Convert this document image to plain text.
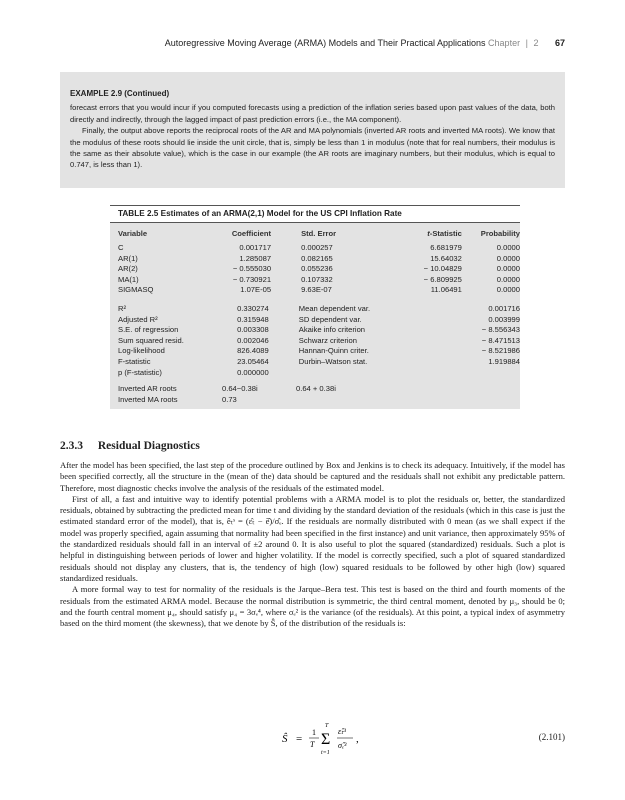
Autoregressive Moving Average (ARMA) Models and Their Practical Applications Chapter | 2 67
EXAMPLE 2.9 (Continued)

forecast errors that you would incur if you computed forecasts using a prediction of the inflation series based upon past values of the data, both directly and indirectly, through the lagged impact of past prediction errors (i.e., the MA component).

Finally, the output above reports the reciprocal roots of the AR and MA polynomials (inverted AR roots and inverted MA roots). We know that the modulus of these roots should lie inside the unit circle, that is, simply be less than 1 in modulus (note that for real numbers, their modulus is the same as their absolute value), which is the case in our example (the AR roots are imaginary numbers, but their modulus, which is equal to 0.747, is less than 1).

TABLE 2.5 Estimates of an ARMA(2,1) Model for the US CPI Inflation Rate
Variable	Coefficient	Std. Error	t-Statistic	Probability
C	0.001717	0.000257	6.681979	0.0000
AR(1)	1.285087	0.082165	15.64032	0.0000
AR(2)	− 0.555030	0.055236	− 10.04829	0.0000
MA(1)	− 0.730921	0.107332	− 6.809925	0.0000
SIGMASQ	1.07E-05	9.63E-07	11.06491	0.0000
R²	0.330274	Mean dependent var.	0.001716
Adjusted R²	0.315948	SD dependent var.	0.003999
S.E. of regression	0.003308	Akaike info criterion	− 8.556343
Sum squared resid.	0.002046	Schwarz criterion	− 8.471513
Log-likelihood	826.4089	Hannan-Quinn criter.	− 8.521986
F-statistic	23.05464	Durbin–Watson stat.	1.919884
p (F-statistic)	0.000000
Inverted AR roots	0.64−0.38i	0.64 + 0.38i
Inverted MA roots	0.73
2.3.3 Residual Diagnostics

After the model has been specified, the last step of the procedure outlined by Box and Jenkins is to check its adequacy. Intuitively, if the model has been specified correctly, all the structure in the (mean of the) data should be captured and the residuals shall not exhibit any predictable pattern. Therefore, most diagnostic checks involve the analysis of the residuals of the estimated model.

First of all, a fast and intuitive way to identify potential problems with a ARMA model is to plot the residuals or, better, the standardized residuals, obtained by subtracting the predicted mean for time t and dividing by the standard deviation of the residuals (which in this case is just the estimated standard error of the model), that is, êₜˢ = (ε̂ₜ − ē̂)/σ̂ₑ. If the residuals are normally distributed with 0 mean (as we shall expect if the model was properly specified, again assuming that normality had been specified in the first instance) and unit variance, then approximately 95% of the standardized residuals should fall in an interval of ±2 around 0. It is also useful to plot the squared (standardized) residuals. Such a plot is helpful in distinguishing between periods of lower and higher volatility. If the model is correctly specified, such a plot of squared standardized residuals should not display any clusters, that is, the tendency of high (low) squared residuals to be followed by other high (low) squared standardized residuals.

A more formal way to test for normality of the residuals is the Jarque–Bera test. This test is based on the third and fourth moments of the residuals from the estimated ARMA model. Because the normal distribution is symmetric, the third central moment, denoted by μ₃, should be 0; and the fourth central moment μ₄, should satisfy μ₄ = 3σₑ⁴, where σₑ² is the variance (of the residuals). At this point, a typical index of asymmetry based on the third moment (the skewness), that we denote by Ŝ, of the distribution of the residuals is:

Ŝ =
1
T
T
Σ
t=1
ε̂ₜ³
σ̂ₑ³
,	(2.101)
